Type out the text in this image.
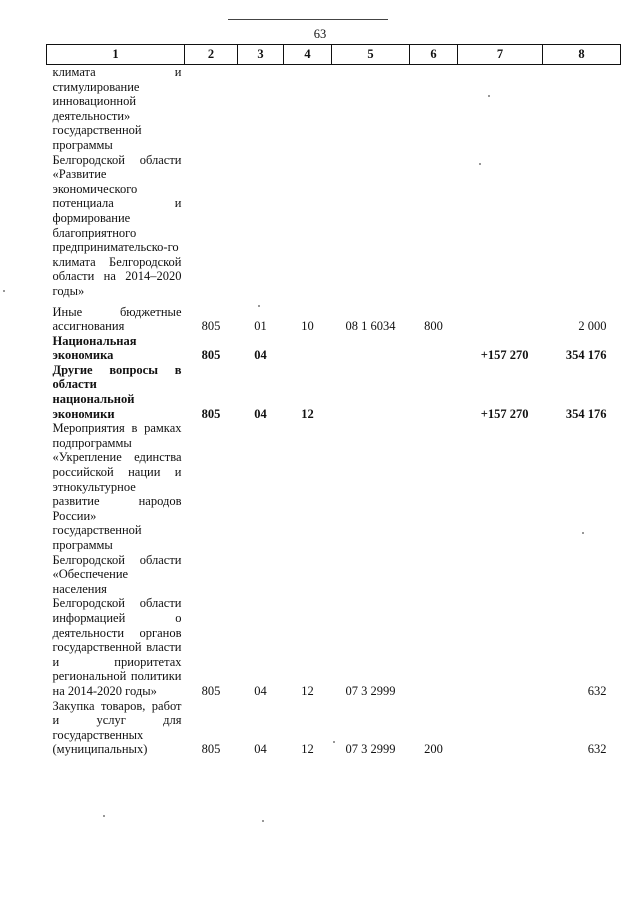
63
1	2	3	4	5	6	7	8
климата и стимулирование инновационной деятельности» государственной программы Белгородской области «Развитие экономического потенциала и формирование благоприятного предпринимательско-го климата Белгородской области на 2014–2020 годы»							

Иные бюджетные ассигнования	805	01	10	08 1 6034	800		2 000
Национальная экономика	805	04				+157 270	354 176
Другие вопросы в области национальной экономики	805	04	12			+157 270	354 176
Мероприятия в рамках подпрограммы «Укрепление единства российской нации и этнокультурное развитие народов России» государственной программы Белгородской области «Обеспечение населения Белгородской области информацией о деятельности органов государственной власти и приоритетах региональной политики на 2014-2020 годы»	805	04	12	07 3 2999			632
Закупка товаров, работ и услуг для государственных (муниципальных)	805	04	12	07 3 2999	200		632
